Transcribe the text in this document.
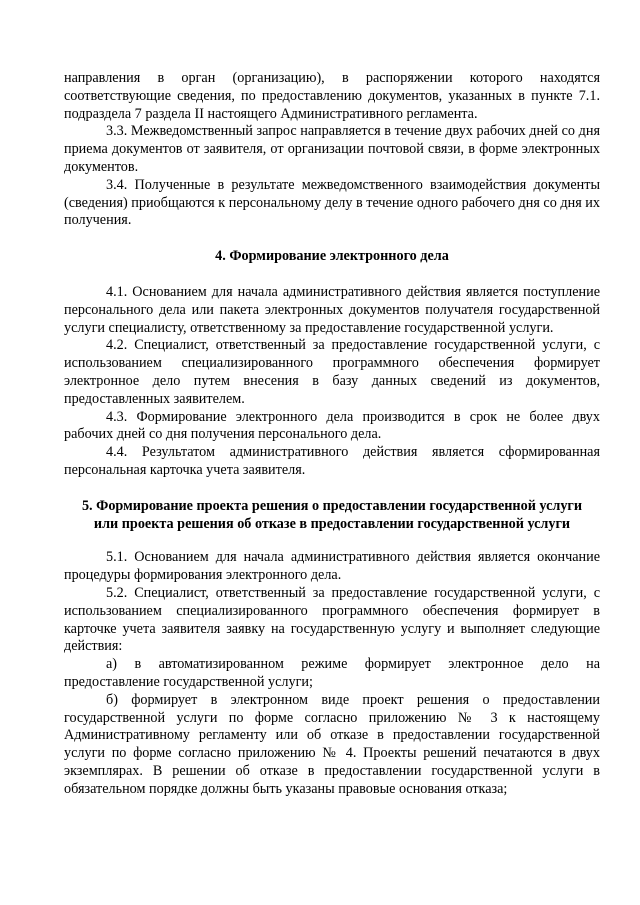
направления в орган (организацию), в распоряжении которого находятся соответствующие сведения, по предоставлению документов, указанных в пункте 7.1. подраздела 7 раздела II настоящего Административного регламента.

3.3. Межведомственный запрос направляется в течение двух рабочих дней со дня приема документов от заявителя, от организации почтовой связи, в форме электронных документов.

3.4. Полученные в результате межведомственного взаимодействия документы (сведения) приобщаются к персональному делу в течение одного рабочего дня со дня их получения.

4. Формирование электронного дела

4.1. Основанием для начала административного действия является поступление персонального дела или пакета электронных документов получателя государственной услуги специалисту, ответственному за предоставление государственной услуги.

4.2. Специалист, ответственный за предоставление государственной услуги, с использованием специализированного программного обеспечения формирует электронное дело путем внесения в базу данных сведений из документов, предоставленных заявителем.

4.3. Формирование электронного дела производится в срок не более двух рабочих дней со дня получения персонального дела.

4.4. Результатом административного действия является сформированная персональная карточка учета заявителя.

5. Формирование проекта решения о предоставлении государственной услуги

или проекта решения об отказе в предоставлении государственной услуги

5.1. Основанием для начала административного действия является окончание процедуры формирования электронного дела.

5.2. Специалист, ответственный за предоставление государственной услуги, с использованием специализированного программного обеспечения формирует в карточке учета заявителя заявку на государственную услугу и выполняет следующие действия:

а) в автоматизированном режиме формирует электронное дело на предоставление государственной услуги;

б) формирует в электронном виде проект решения о предоставлении государственной услуги по форме согласно приложению № 3 к настоящему Административному регламенту или об отказе в предоставлении государственной услуги по форме согласно приложению № 4. Проекты решений печатаются в двух экземплярах. В решении об отказе в предоставлении государственной услуги в обязательном порядке должны быть указаны правовые основания отказа;
